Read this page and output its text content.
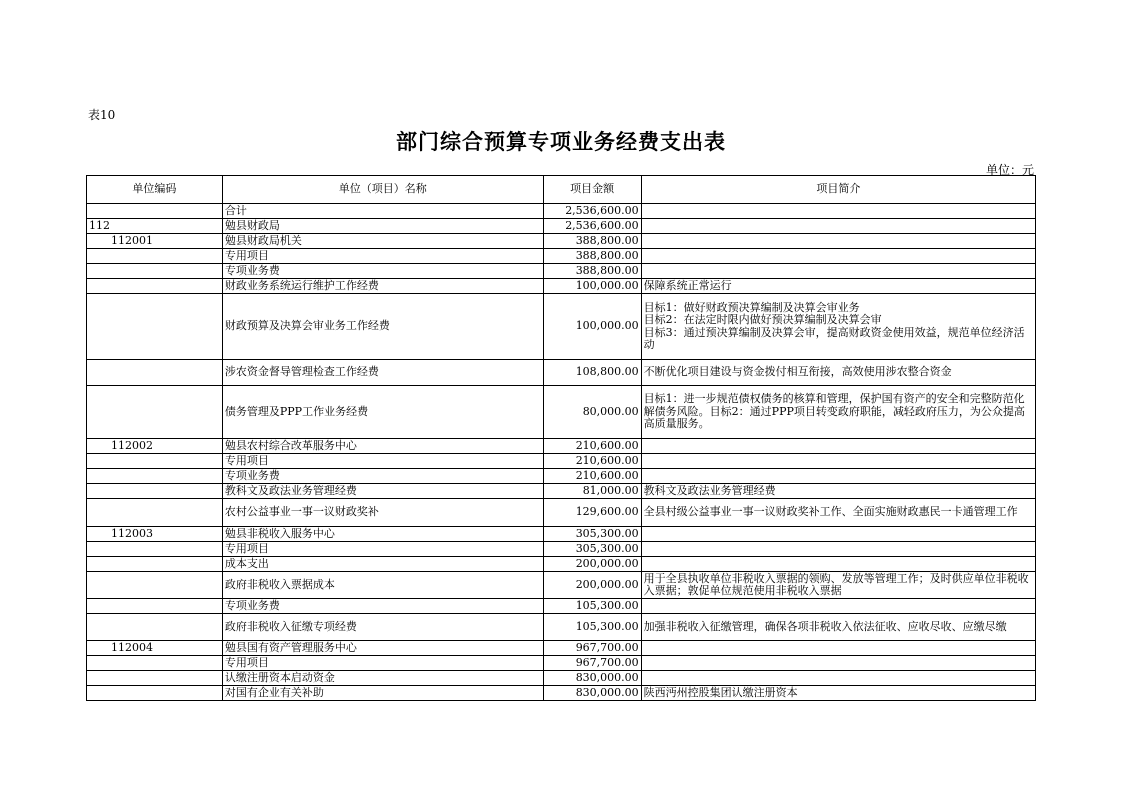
表10
部门综合预算专项业务经费支出表
单位：元
单位编码	单位（项目）名称	项目金额	项目简介
	合计	2,536,600.00	
112	勉县财政局	2,536,600.00	
112001	勉县财政局机关	388,800.00	
	专用项目	388,800.00	
	专项业务费	388,800.00	
	财政业务系统运行维护工作经费	100,000.00	保障系统正常运行
	财政预算及决算会审业务工作经费	100,000.00	目标1：做好财政预决算编制及决算会审业务
目标2：在法定时限内做好预决算编制及决算会审
目标3：通过预决算编制及决算会审，提高财政资金使用效益，规范单位经济活动
	涉农资金督导管理检查工作经费	108,800.00	不断优化项目建设与资金拨付相互衔接，高效使用涉农整合资金
	债务管理及PPP工作业务经费	80,000.00	目标1：进一步规范债权债务的核算和管理，保护国有资产的安全和完整防范化解债务风险。目标2：通过PPP项目转变政府职能，减轻政府压力，为公众提高高质量服务。
112002	勉县农村综合改革服务中心	210,600.00	
	专用项目	210,600.00	
	专项业务费	210,600.00	
	教科文及政法业务管理经费	81,000.00	教科文及政法业务管理经费
	农村公益事业一事一议财政奖补	129,600.00	全县村级公益事业一事一议财政奖补工作、全面实施财政惠民一卡通管理工作
112003	勉县非税收入服务中心	305,300.00	
	专用项目	305,300.00	
	成本支出	200,000.00	
	政府非税收入票据成本	200,000.00	用于全县执收单位非税收入票据的领购、发放等管理工作；及时供应单位非税收入票据；敦促单位规范使用非税收入票据
	专项业务费	105,300.00	
	政府非税收入征缴专项经费	105,300.00	加强非税收入征缴管理，确保各项非税收入依法征收、应收尽收、应缴尽缴
112004	勉县国有资产管理服务中心	967,700.00	
	专用项目	967,700.00	
	认缴注册资本启动资金	830,000.00	
	对国有企业有关补助	830,000.00	陕西沔州控股集团认缴注册资本
